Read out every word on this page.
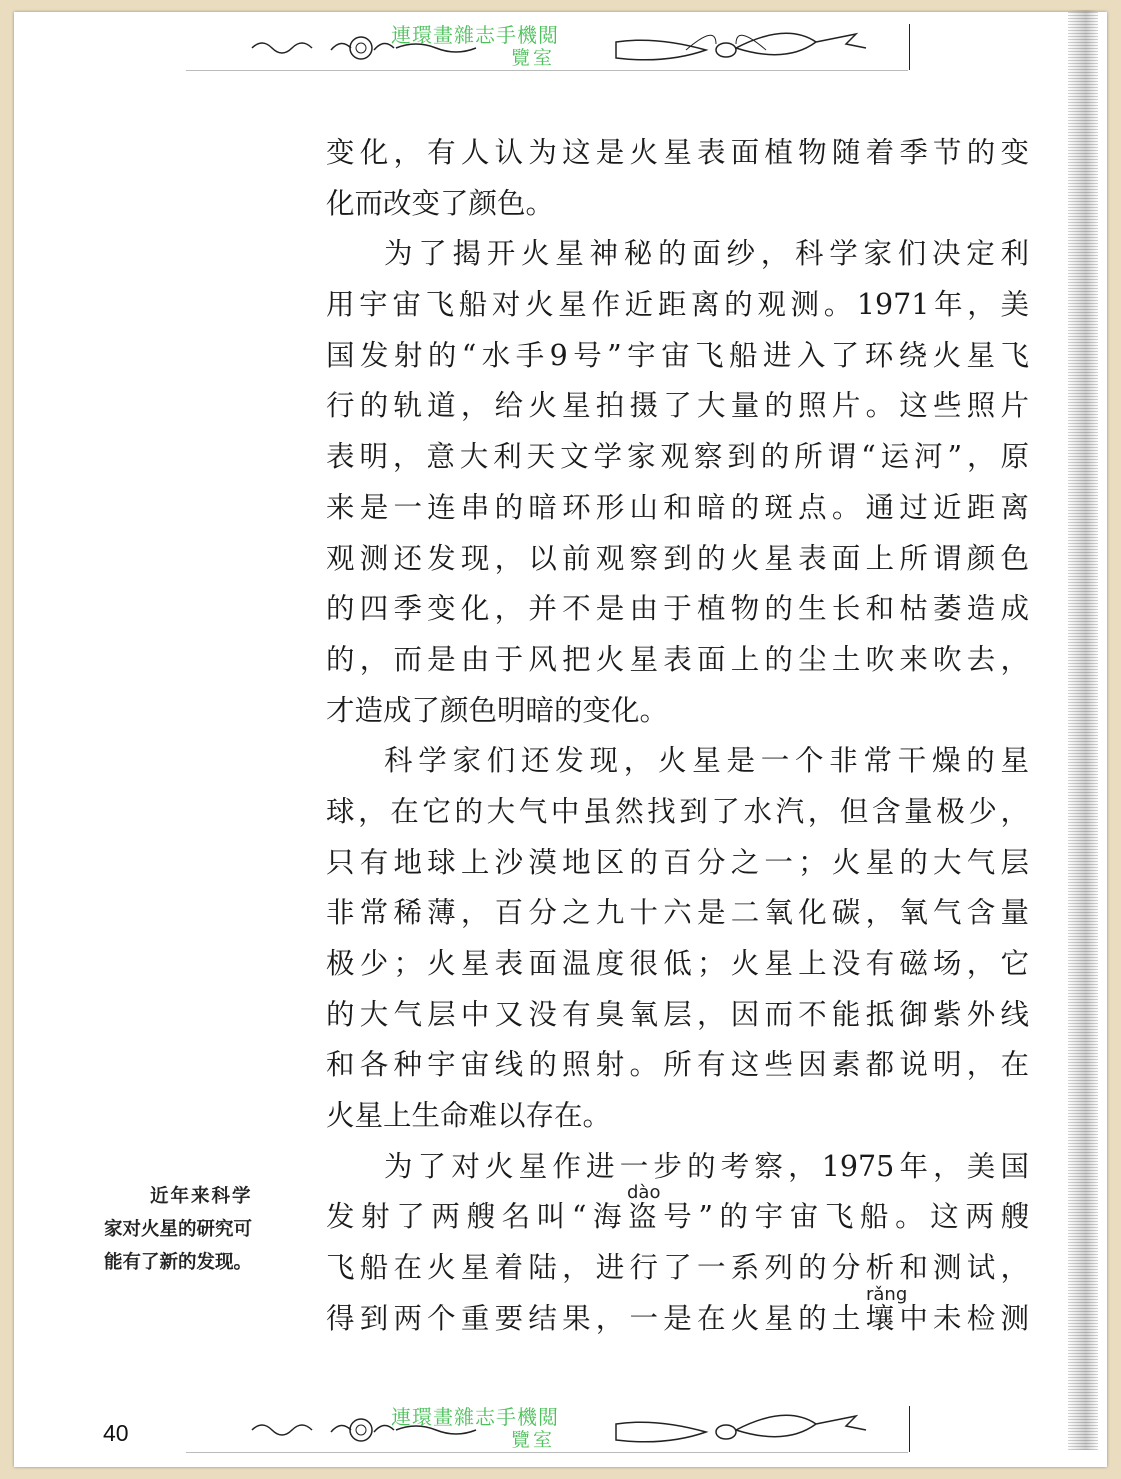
連環畫雜志手機閲
覽室
变化，有人认为这是火星表面植物随着季节的变
化而改变了颜色。
为了揭开火星神秘的面纱，科学家们决定利
用宇宙飞船对火星作近距离的观测。1971年，美
国发射的“水手9号”宇宙飞船进入了环绕火星飞
行的轨道，给火星拍摄了大量的照片。这些照片
表明，意大利天文学家观察到的所谓“运河”，原
来是一连串的暗环形山和暗的斑点。通过近距离
观测还发现，以前观察到的火星表面上所谓颜色
的四季变化，并不是由于植物的生长和枯萎造成
的，而是由于风把火星表面上的尘土吹来吹去，
才造成了颜色明暗的变化。
科学家们还发现，火星是一个非常干燥的星
球，在它的大气中虽然找到了水汽，但含量极少，
只有地球上沙漠地区的百分之一；火星的大气层
非常稀薄，百分之九十六是二氧化碳，氧气含量
极少；火星表面温度很低；火星上没有磁场，它
的大气层中又没有臭氧层，因而不能抵御紫外线
和各种宇宙线的照射。所有这些因素都说明，在
火星上生命难以存在。
为了对火星作进一步的考察，1975年，美国
发射了两艘名叫“海盗号”的宇宙飞船。这两艘
飞船在火星着陆，进行了一系列的分析和测试，
得到两个重要结果，一是在火星的土壤中未检测
dào
rǎng
近年来科学
家对火星的研究可
能有了新的发现。
40
連環畫雜志手機閲
覽室
